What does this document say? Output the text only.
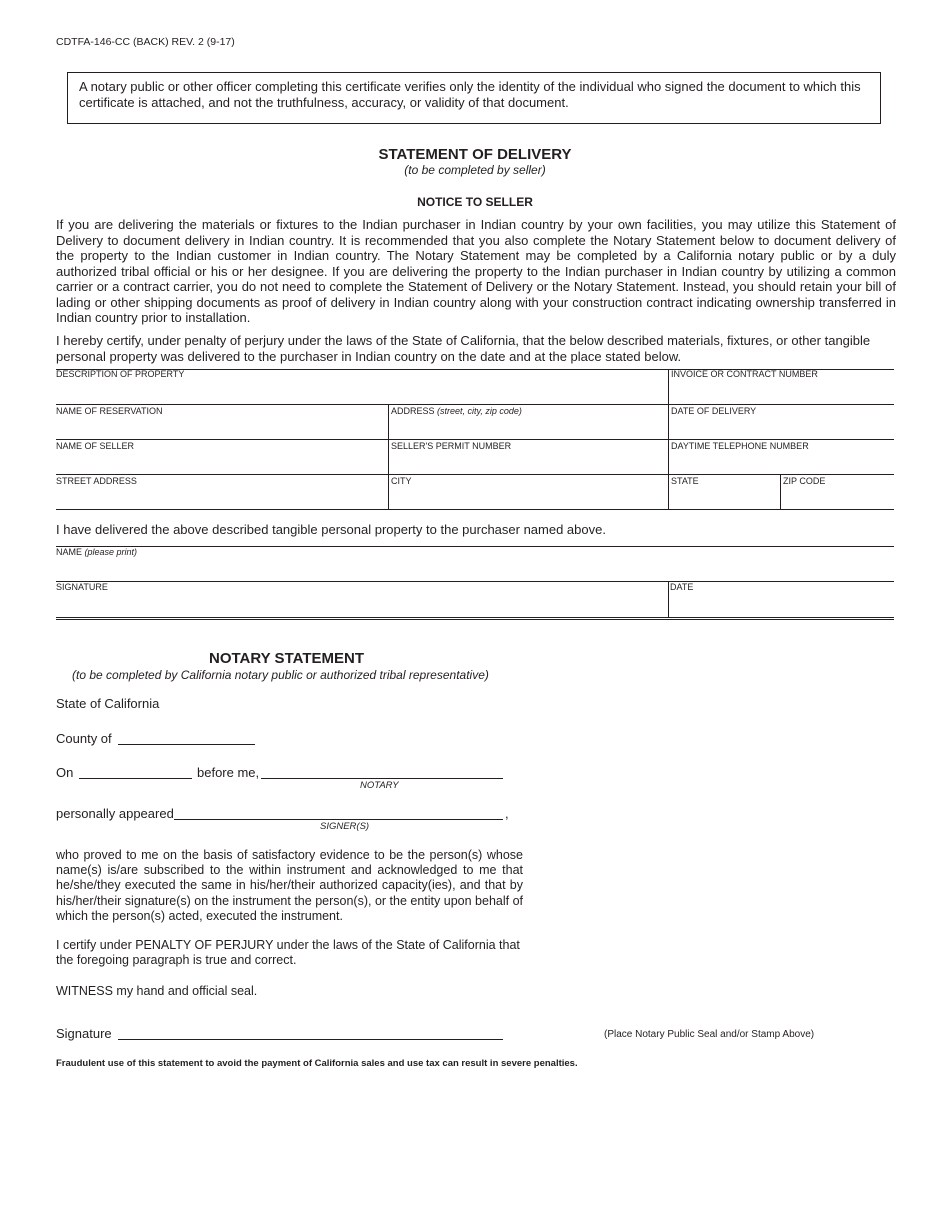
CDTFA-146-CC (BACK) REV. 2 (9-17)
A notary public or other officer completing this certificate verifies only the identity of the individual who signed the document to which this certificate is attached, and not the truthfulness, accuracy, or validity of that document.
STATEMENT OF DELIVERY
(to be completed by seller)
NOTICE TO SELLER
If you are delivering the materials or fixtures to the Indian purchaser in Indian country by your own facilities, you may utilize this Statement of Delivery to document delivery in Indian country. It is recommended that you also complete the Notary Statement below to document delivery of the property to the Indian customer in Indian country. The Notary Statement may be completed by a California notary public or by a duly authorized tribal official or his or her designee. If you are delivering the property to the Indian purchaser in Indian country by utilizing a common carrier or a contract carrier, you do not need to complete the Statement of Delivery or the Notary Statement. Instead, you should retain your bill of lading or other shipping documents as proof of delivery in Indian country along with your construction contract indicating ownership transferred in Indian country prior to installation.
I hereby certify, under penalty of perjury under the laws of the State of California, that the below described materials, fixtures, or other tangible personal property was delivered to the purchaser in Indian country on the date and at the place stated below.
DESCRIPTION OF PROPERTY	INVOICE OR CONTRACT NUMBER
NAME OF RESERVATION	ADDRESS (street, city, zip code)	DATE OF DELIVERY
NAME OF SELLER	SELLER'S PERMIT NUMBER	DAYTIME TELEPHONE NUMBER
STREET ADDRESS	CITY	STATE	ZIP CODE
I have delivered the above described tangible personal property to the purchaser named above.
NAME (please print)
SIGNATURE	DATE
NOTARY STATEMENT
(to be completed by California notary public or authorized tribal representative)
State of California
County of
On	before me,
NOTARY
personally appeared	,
SIGNER(S)
who proved to me on the basis of satisfactory evidence to be the person(s) whose name(s) is/are subscribed to the within instrument and acknowledged to me that he/she/they executed the same in his/her/their authorized capacity(ies), and that by his/her/their signature(s) on the instrument the person(s), or the entity upon behalf of which the person(s) acted, executed the instrument.
I certify under PENALTY OF PERJURY under the laws of the State of California that the foregoing paragraph is true and correct.
WITNESS my hand and official seal.
Signature	(Place Notary Public Seal and/or Stamp Above)
Fraudulent use of this statement to avoid the payment of California sales and use tax can result in severe penalties.
